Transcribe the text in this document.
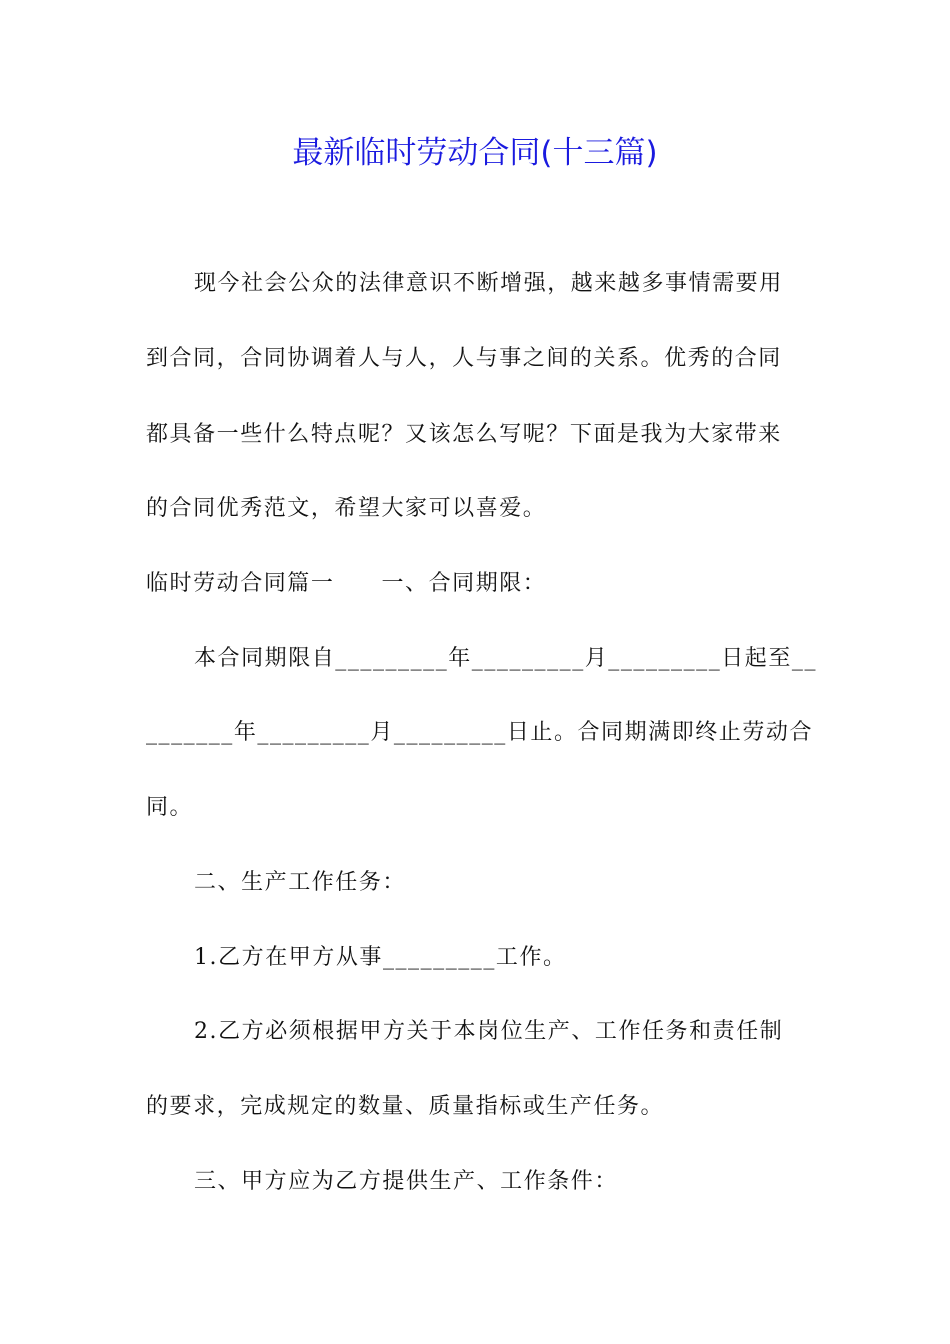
最新临时劳动合同(十三篇)
现今社会公众的法律意识不断增强，越来越多事情需要用
到合同，合同协调着人与人，人与事之间的关系。优秀的合同
都具备一些什么特点呢？又该怎么写呢？下面是我为大家带来
的合同优秀范文，希望大家可以喜爱。
临时劳动合同篇一　　一、合同期限：
本合同期限自_________年_________月_________日起至__
_______年_________月_________日止。合同期满即终止劳动合
同。
二、生产工作任务：
1.乙方在甲方从事_________工作。
2.乙方必须根据甲方关于本岗位生产、工作任务和责任制
的要求，完成规定的数量、质量指标或生产任务。
三、甲方应为乙方提供生产、工作条件：
